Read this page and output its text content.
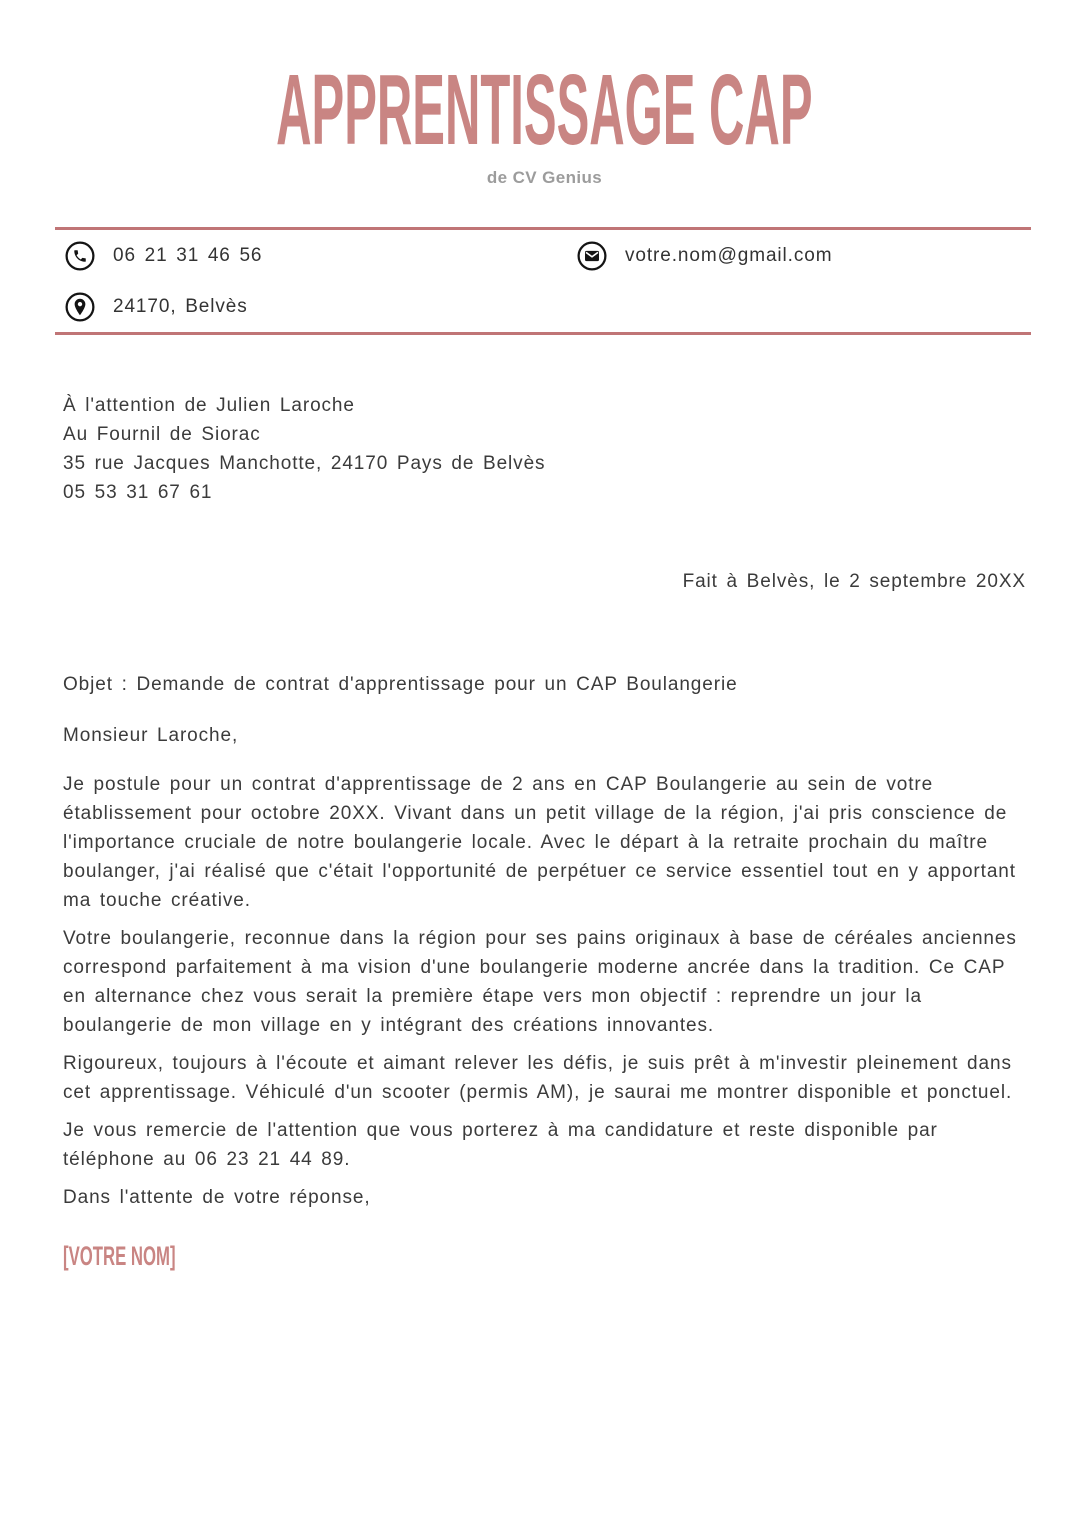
APPRENTISSAGE CAP
de CV Genius
06 21 31 46 56	votre.nom@gmail.com
24170, Belvès
À l'attention de Julien Laroche
Au Fournil de Siorac
35 rue Jacques Manchotte, 24170 Pays de Belvès
05 53 31 67 61
Fait à Belvès, le 2 septembre 20XX
Objet : Demande de contrat d'apprentissage pour un CAP Boulangerie
Monsieur Laroche,

Je postule pour un contrat d'apprentissage de 2 ans en CAP Boulangerie au sein de votre établissement pour octobre 20XX. Vivant dans un petit village de la région, j'ai pris conscience de l'importance cruciale de notre boulangerie locale. Avec le départ à la retraite prochain du maître boulanger, j'ai réalisé que c'était l'opportunité de perpétuer ce service essentiel tout en y apportant ma touche créative.

Votre boulangerie, reconnue dans la région pour ses pains originaux à base de céréales anciennes correspond parfaitement à ma vision d'une boulangerie moderne ancrée dans la tradition. Ce CAP en alternance chez vous serait la première étape vers mon objectif : reprendre un jour la boulangerie de mon village en y intégrant des créations innovantes.

Rigoureux, toujours à l'écoute et aimant relever les défis, je suis prêt à m'investir pleinement dans cet apprentissage. Véhiculé d'un scooter (permis AM), je saurai me montrer disponible et ponctuel.

Je vous remercie de l'attention que vous porterez à ma candidature et reste disponible par téléphone au 06 23 21 44 89.

Dans l'attente de votre réponse,
[VOTRE NOM]
